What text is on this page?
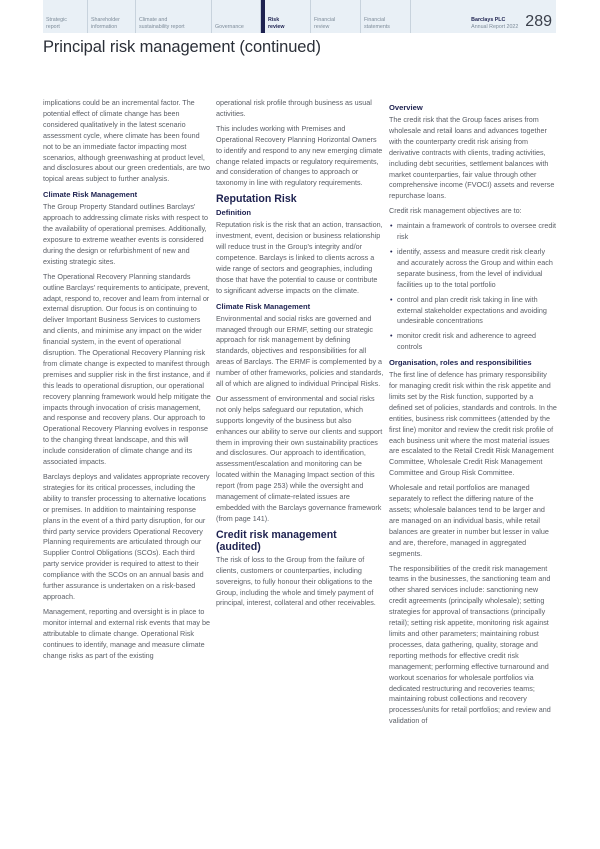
Strategic
report
Shareholder
information
Climate and
sustainability report	Governance
Risk
review
Financial
review
Financial
statements
Barclays PLC
Annual Report 2022 289
Principal risk management (continued)

implications could be an incremental factor. The potential effect of climate change has been considered qualitatively in the latest scenario assessment cycle, where climate has been found not to be an immediate factor impacting most scenarios, although greenwashing at product level, and disclosures about our green credentials, are two topical areas subject to further analysis.

Climate Risk Management

The Group Property Standard outlines Barclays' approach to addressing climate risks with respect to the availability of operational premises. Additionally, exposure to extreme weather events is considered during the design or refurbishment of new and existing strategic sites.

The Operational Recovery Planning standards outline Barclays' requirements to anticipate, prevent, adapt, respond to, recover and learn from internal or external disruption. Our focus is on continuing to deliver Important Business Services to customers and clients, and minimise any impact on the wider financial system, in the event of operational disruption. The Operational Recovery Planning risk from climate change is expected to manifest through premises and supplier risk in the first instance, and if this leads to operational disruption, our operational recovery planning framework would help mitigate the impacts through invocation of crisis management, and response and recovery plans. Our approach to Operational Recovery Planning evolves in response to the changing threat landscape, and this will include consideration of climate change and its associated impacts.

Barclays deploys and validates appropriate recovery strategies for its critical processes, including the ability to transfer processing to alternative locations or premises. In addition to maintaining response plans in the event of a third party disruption, for our third party service providers Operational Recovery Planning requirements are articulated through our Supplier Control Obligations (SCOs). Each third party service provider is required to attest to their compliance with the SCOs on an annual basis and further assurance is undertaken on a risk-based approach.

Management, reporting and oversight is in place to monitor internal and external risk events that may be attributable to climate change. Operational Risk continues to identify, manage and measure climate change risks as part of the existing

operational risk profile through business as usual activities.

This includes working with Premises and Operational Recovery Planning Horizontal Owners to identify and respond to any new emerging climate change related impacts or regulatory requirements, and consideration of changes to approach or taxonomy in line with regulatory requirements.

Reputation Risk
Definition

Reputation risk is the risk that an action, transaction, investment, event, decision or business relationship will reduce trust in the Group's integrity and/or competence. Barclays is linked to clients across a wide range of sectors and geographies, including those that have the potential to cause or contribute to significant adverse impacts on the climate.

Climate Risk Management

Environmental and social risks are governed and managed through our ERMF, setting our strategic approach for risk management by defining standards, objectives and responsibilities for all areas of Barclays. The ERMF is complemented by a number of other frameworks, policies and standards, all of which are aligned to individual Principal Risks.

Our assessment of environmental and social risks not only helps safeguard our reputation, which supports longevity of the business but also enhances our ability to serve our clients and support them in improving their own sustainability practices and disclosures. Our approach to identification, assessment/escalation and monitoring can be located within the Managing Impact section of this report (from page 253) while the oversight and management of climate-related issues are embedded with the Barclays governance framework (from page 141).

Credit risk management (audited)

The risk of loss to the Group from the failure of clients, customers or counterparties, including sovereigns, to fully honour their obligations to the Group, including the whole and timely payment of principal, interest, collateral and other receivables.

Overview

The credit risk that the Group faces arises from wholesale and retail loans and advances together with the counterparty credit risk arising from derivative contracts with clients, trading activities, including debt securities, settlement balances with market counterparties, fair value through other comprehensive income (FVOCI) assets and reverse repurchase loans.

Credit risk management objectives are to:

• maintain a framework of controls to oversee credit risk
• identify, assess and measure credit risk clearly and accurately across the Group and within each separate business, from the level of individual facilities up to the total portfolio
• control and plan credit risk taking in line with external stakeholder expectations and avoiding undesirable concentrations
• monitor credit risk and adherence to agreed controls
Organisation, roles and responsibilities

The first line of defence has primary responsibility for managing credit risk within the risk appetite and limits set by the Risk function, supported by a defined set of policies, standards and controls. In the entities, business risk committees (attended by the first line) monitor and review the credit risk profile of each business unit where the most material issues are escalated to the Retail Credit Risk Management Committee, Wholesale Credit Risk Management Committee and Group Risk Committee.

Wholesale and retail portfolios are managed separately to reflect the differing nature of the assets; wholesale balances tend to be larger and are managed on an individual basis, while retail balances are greater in number but lesser in value and are, therefore, managed in aggregated segments.

The responsibilities of the credit risk management teams in the businesses, the sanctioning team and other shared services include: sanctioning new credit agreements (principally wholesale); setting strategies for approval of transactions (principally retail); setting risk appetite, monitoring risk against limits and other parameters; maintaining robust processes, data gathering, quality, storage and reporting methods for effective credit risk management; performing effective turnaround and workout scenarios for wholesale portfolios via dedicated restructuring and recoveries teams; maintaining robust collections and recovery processes/units for retail portfolios; and review and validation of
